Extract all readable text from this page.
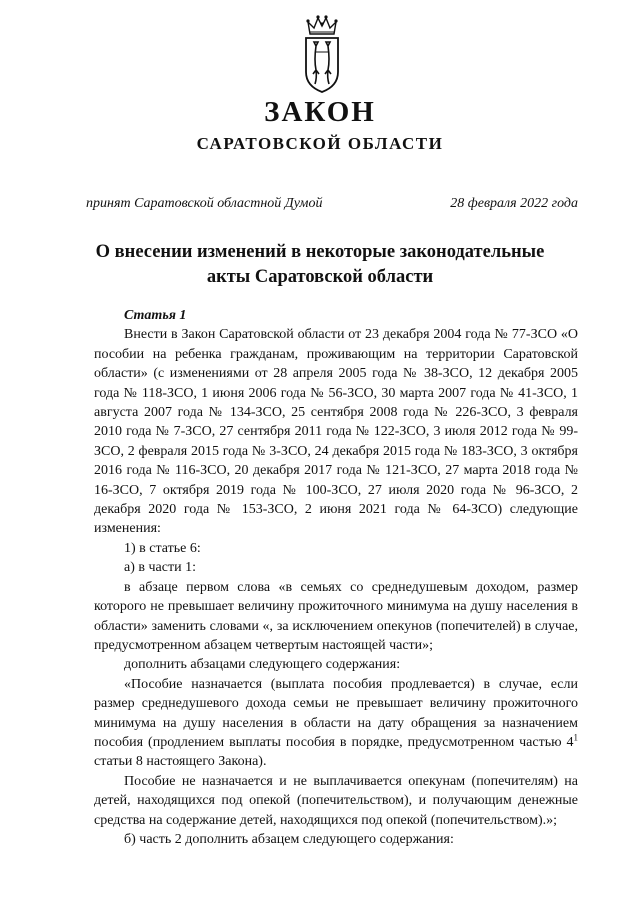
ЗАКОН
САРАТОВСКОЙ ОБЛАСТИ
принят Саратовской областной Думой	28 февраля 2022 года
О внесении изменений в некоторые законодательные
акты Саратовской области

Статья 1

Внести в Закон Саратовской области от 23 декабря 2004 года № 77-ЗСО «О пособии на ребенка гражданам, проживающим на территории Саратовской области» (с изменениями от 28 апреля 2005 года № 38-ЗСО, 12 декабря 2005 года № 118-ЗСО, 1 июня 2006 года № 56-ЗСО, 30 марта 2007 года № 41-ЗСО, 1 августа 2007 года № 134-ЗСО, 25 сентября 2008 года № 226-ЗСО, 3 февраля 2010 года № 7-ЗСО, 27 сентября 2011 года № 122-ЗСО, 3 июля 2012 года № 99-ЗСО, 2 февраля 2015 года № 3-ЗСО, 24 декабря 2015 года № 183-ЗСО, 3 октября 2016 года № 116-ЗСО, 20 декабря 2017 года № 121-ЗСО, 27 марта 2018 года № 16-ЗСО, 7 октября 2019 года № 100-ЗСО, 27 июля 2020 года № 96-ЗСО, 2 декабря 2020 года № 153-ЗСО, 2 июня 2021 года № 64-ЗСО) следующие изменения:

1) в статье 6:

а) в части 1:

в абзаце первом слова «в семьях со среднедушевым доходом, размер которого не превышает величину прожиточного минимума на душу населения в области» заменить словами «, за исключением опекунов (попечителей) в случае, предусмотренном абзацем четвертым настоящей части»;

дополнить абзацами следующего содержания:

«Пособие назначается (выплата пособия продлевается) в случае, если размер среднедушевого дохода семьи не превышает величину прожиточного минимума на душу населения в области на дату обращения за назначением пособия (продлением выплаты пособия в порядке, предусмотренном частью $4^1$ статьи 8 настоящего Закона).

Пособие не назначается и не выплачивается опекунам (попечителям) на детей, находящихся под опекой (попечительством), и получающим денежные средства на содержание детей, находящихся под опекой (попечительством).»;

б) часть 2 дополнить абзацем следующего содержания:
